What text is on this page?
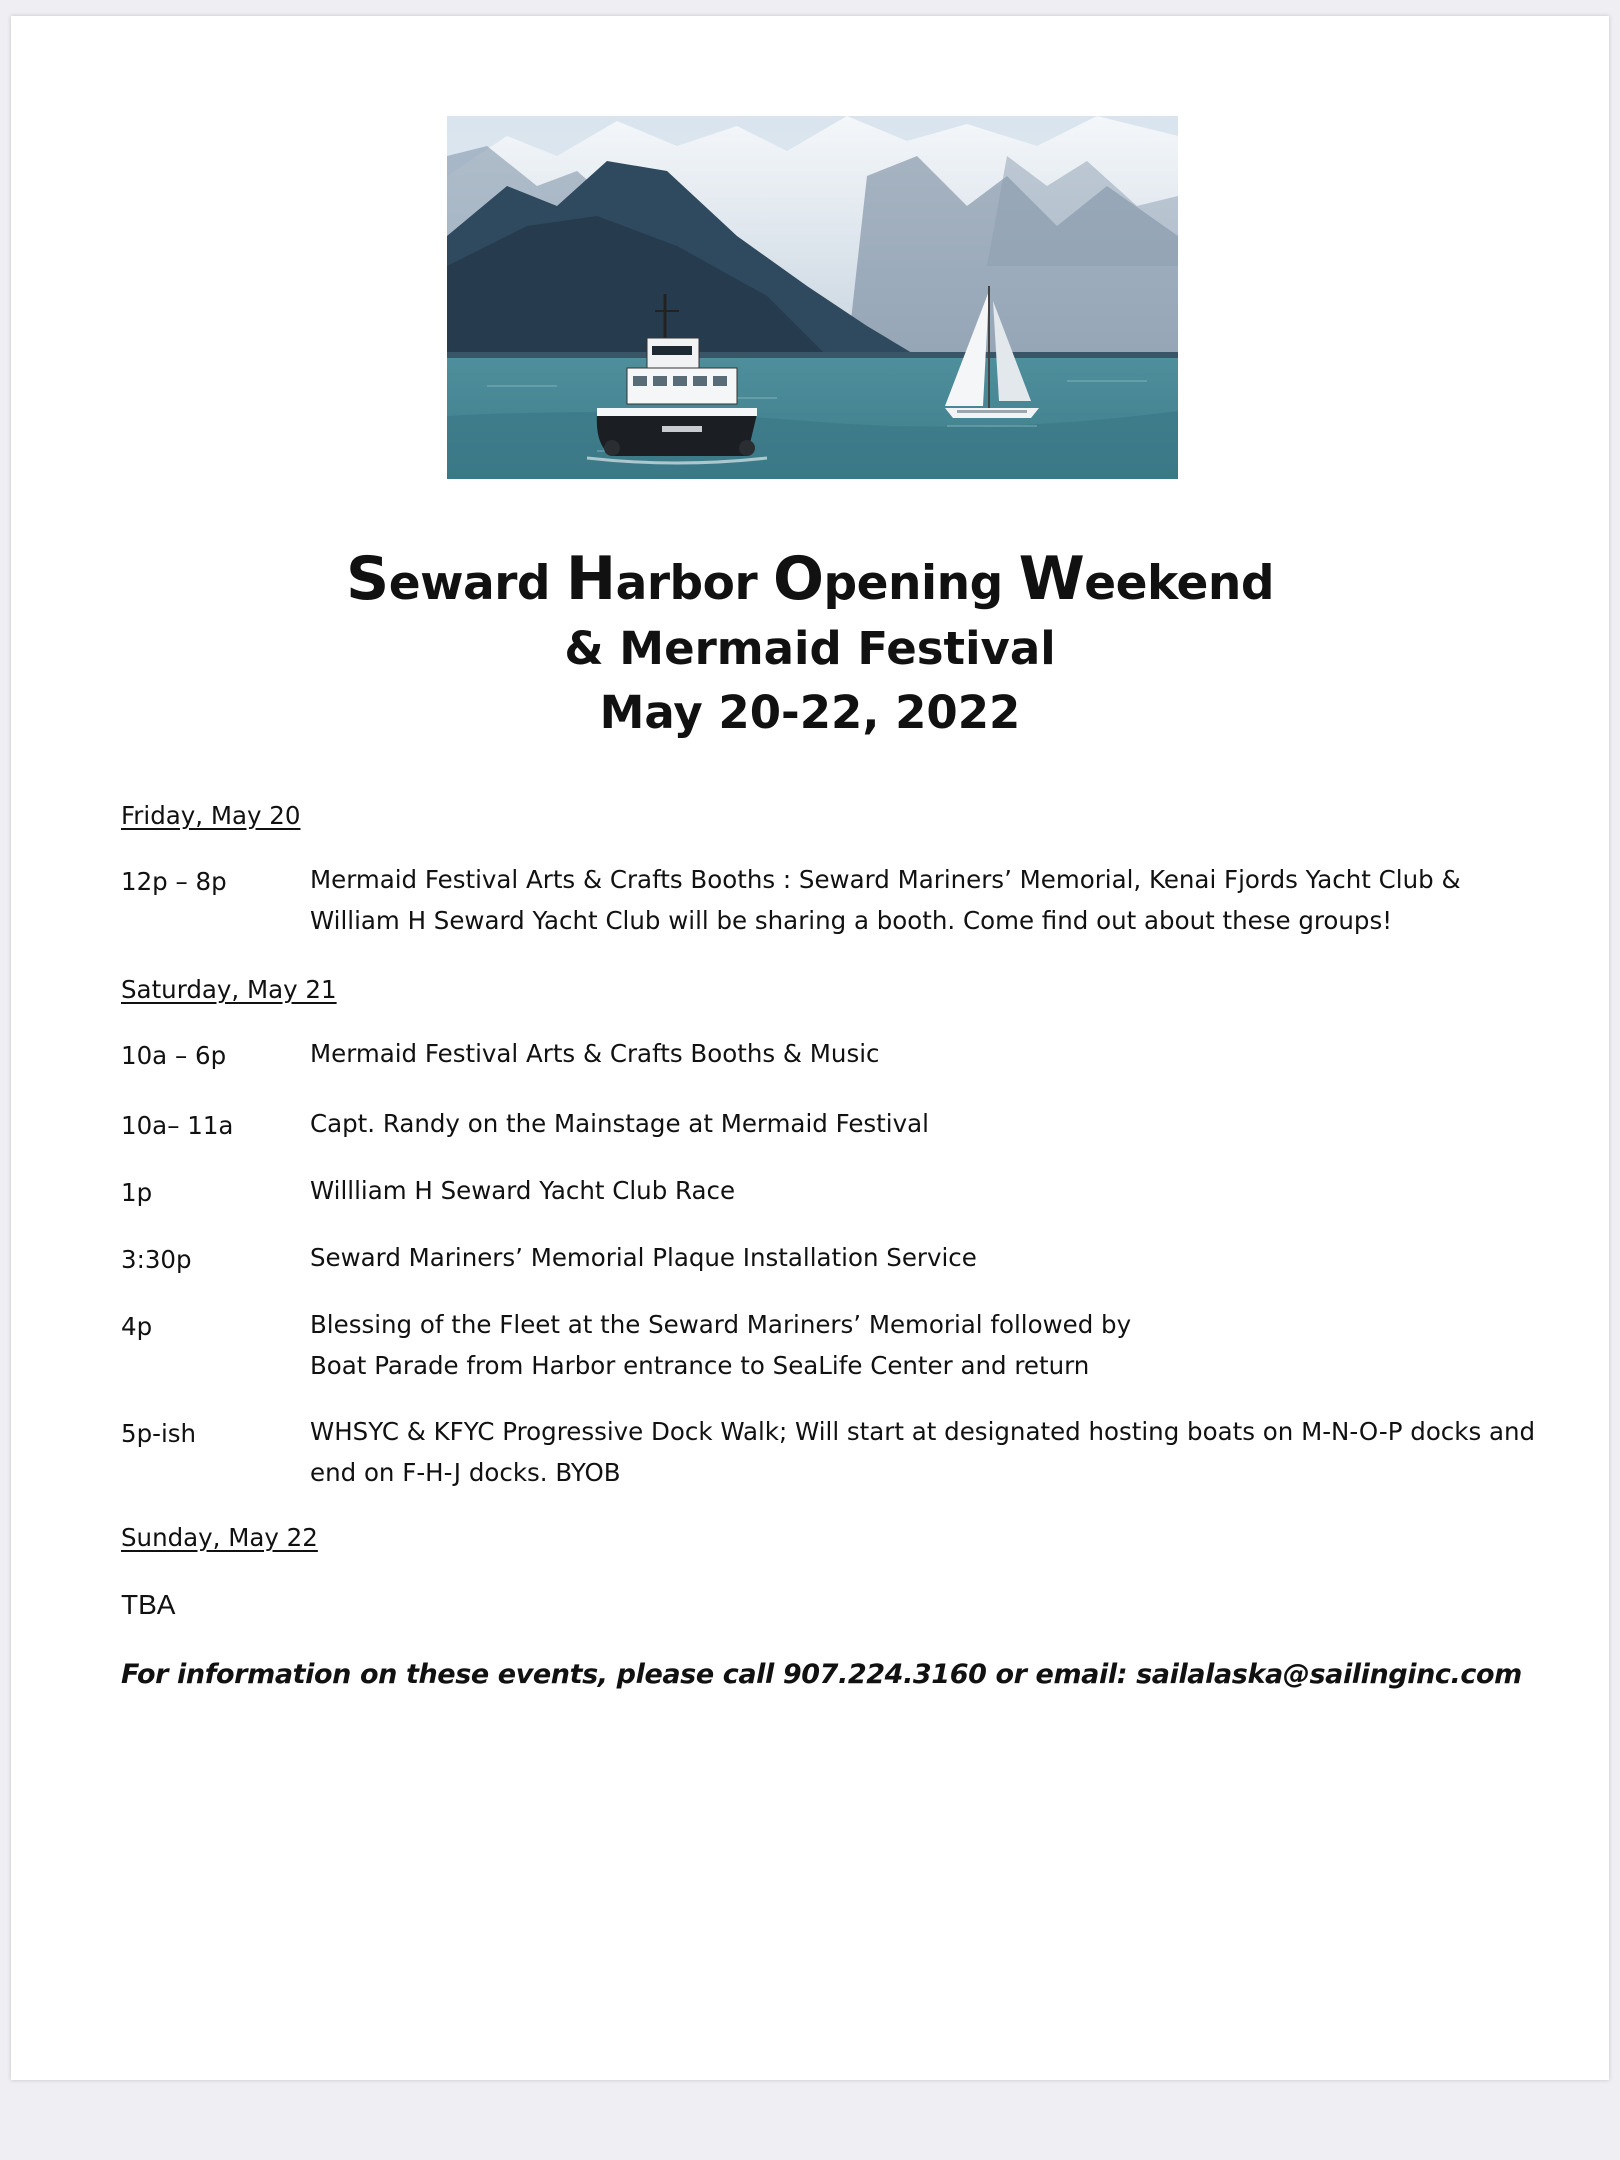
Seward Harbor Opening Weekend
& Mermaid Festival
May 20-22, 2022
Friday, May 20
12p – 8p	Mermaid Festival Arts & Crafts Booths : Seward Mariners’ Memorial, Kenai Fjords Yacht Club &
William H Seward Yacht Club will be sharing a booth. Come find out about these groups!
Saturday, May 21
10a – 6p	Mermaid Festival Arts & Crafts Booths & Music
10a– 11a	Capt. Randy on the Mainstage at Mermaid Festival
1p	Willliam H Seward Yacht Club Race
3:30p	Seward Mariners’ Memorial Plaque Installation Service
4p	Blessing of the Fleet at the Seward Mariners’ Memorial followed by
Boat Parade from Harbor entrance to SeaLife Center and return
5p-ish	WHSYC & KFYC Progressive Dock Walk; Will start at designated hosting boats on M-N-O-P docks and
end on F-H-J docks. BYOB
Sunday, May 22
TBA
For information on these events, please call 907.224.3160 or email: sailalaska@sailinginc.com
